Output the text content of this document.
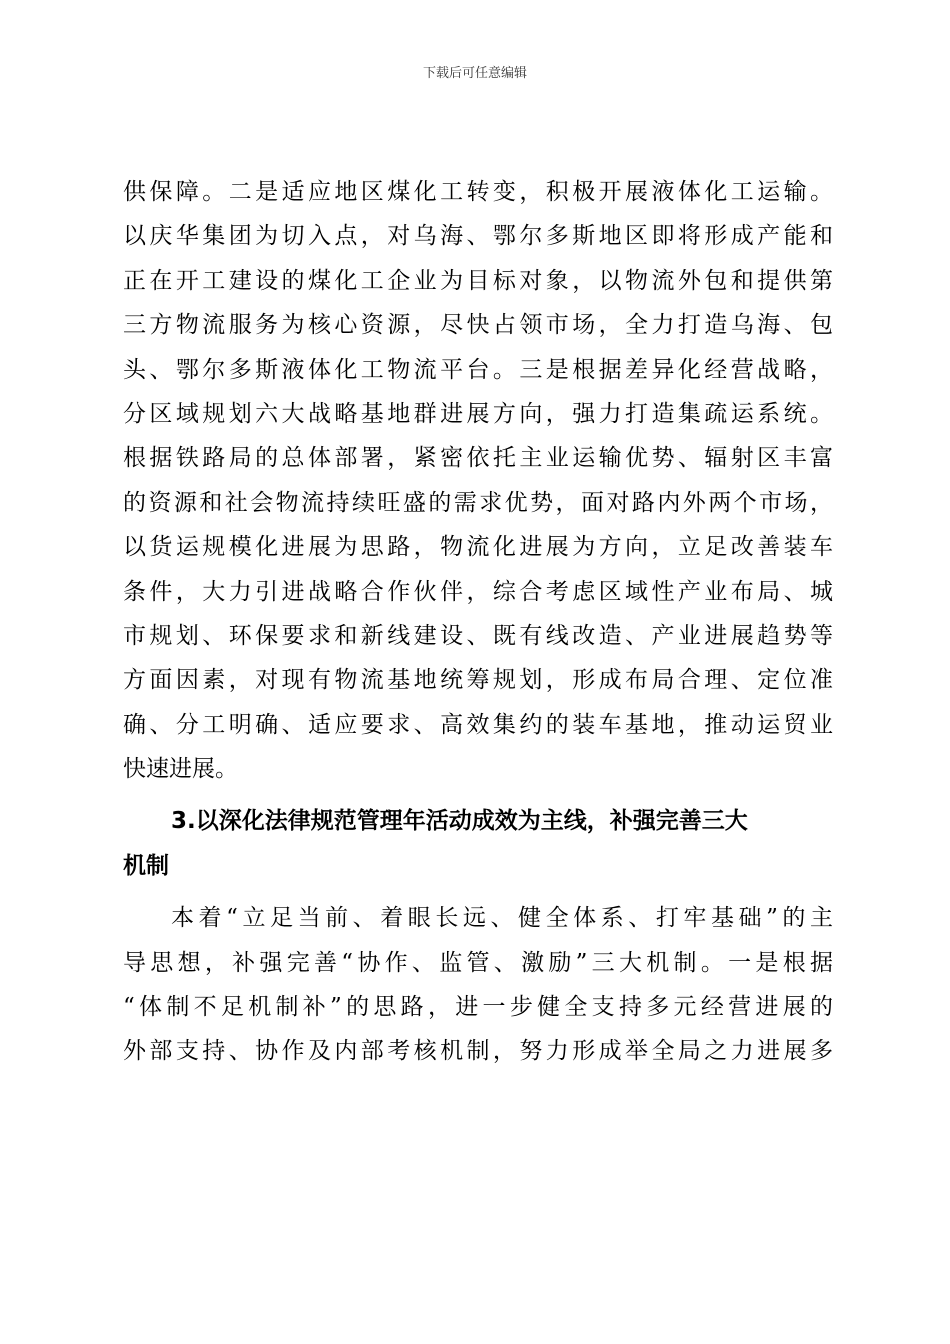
下载后可任意编辑
供保障。二是适应地区煤化工转变，积极开展液体化工运输。
以庆华集团为切入点，对乌海、鄂尔多斯地区即将形成产能和
正在开工建设的煤化工企业为目标对象，以物流外包和提供第
三方物流服务为核心资源，尽快占领市场，全力打造乌海、包
头、鄂尔多斯液体化工物流平台。三是根据差异化经营战略，
分区域规划六大战略基地群进展方向，强力打造集疏运系统。
根据铁路局的总体部署，紧密依托主业运输优势、辐射区丰富
的资源和社会物流持续旺盛的需求优势，面对路内外两个市场，
以货运规模化进展为思路，物流化进展为方向，立足改善装车
条件，大力引进战略合作伙伴，综合考虑区域性产业布局、城
市规划、环保要求和新线建设、既有线改造、产业进展趋势等
方面因素，对现有物流基地统筹规划，形成布局合理、定位准
确、分工明确、适应要求、高效集约的装车基地，推动运贸业
快速进展。
3.以深化法律规范管理年活动成效为主线，补强完善三大
机制
本着“立足当前、着眼长远、健全体系、打牢基础”的主
导思想，补强完善“协作、监管、激励”三大机制。一是根据
“体制不足机制补”的思路，进一步健全支持多元经营进展的
外部支持、协作及内部考核机制，努力形成举全局之力进展多
